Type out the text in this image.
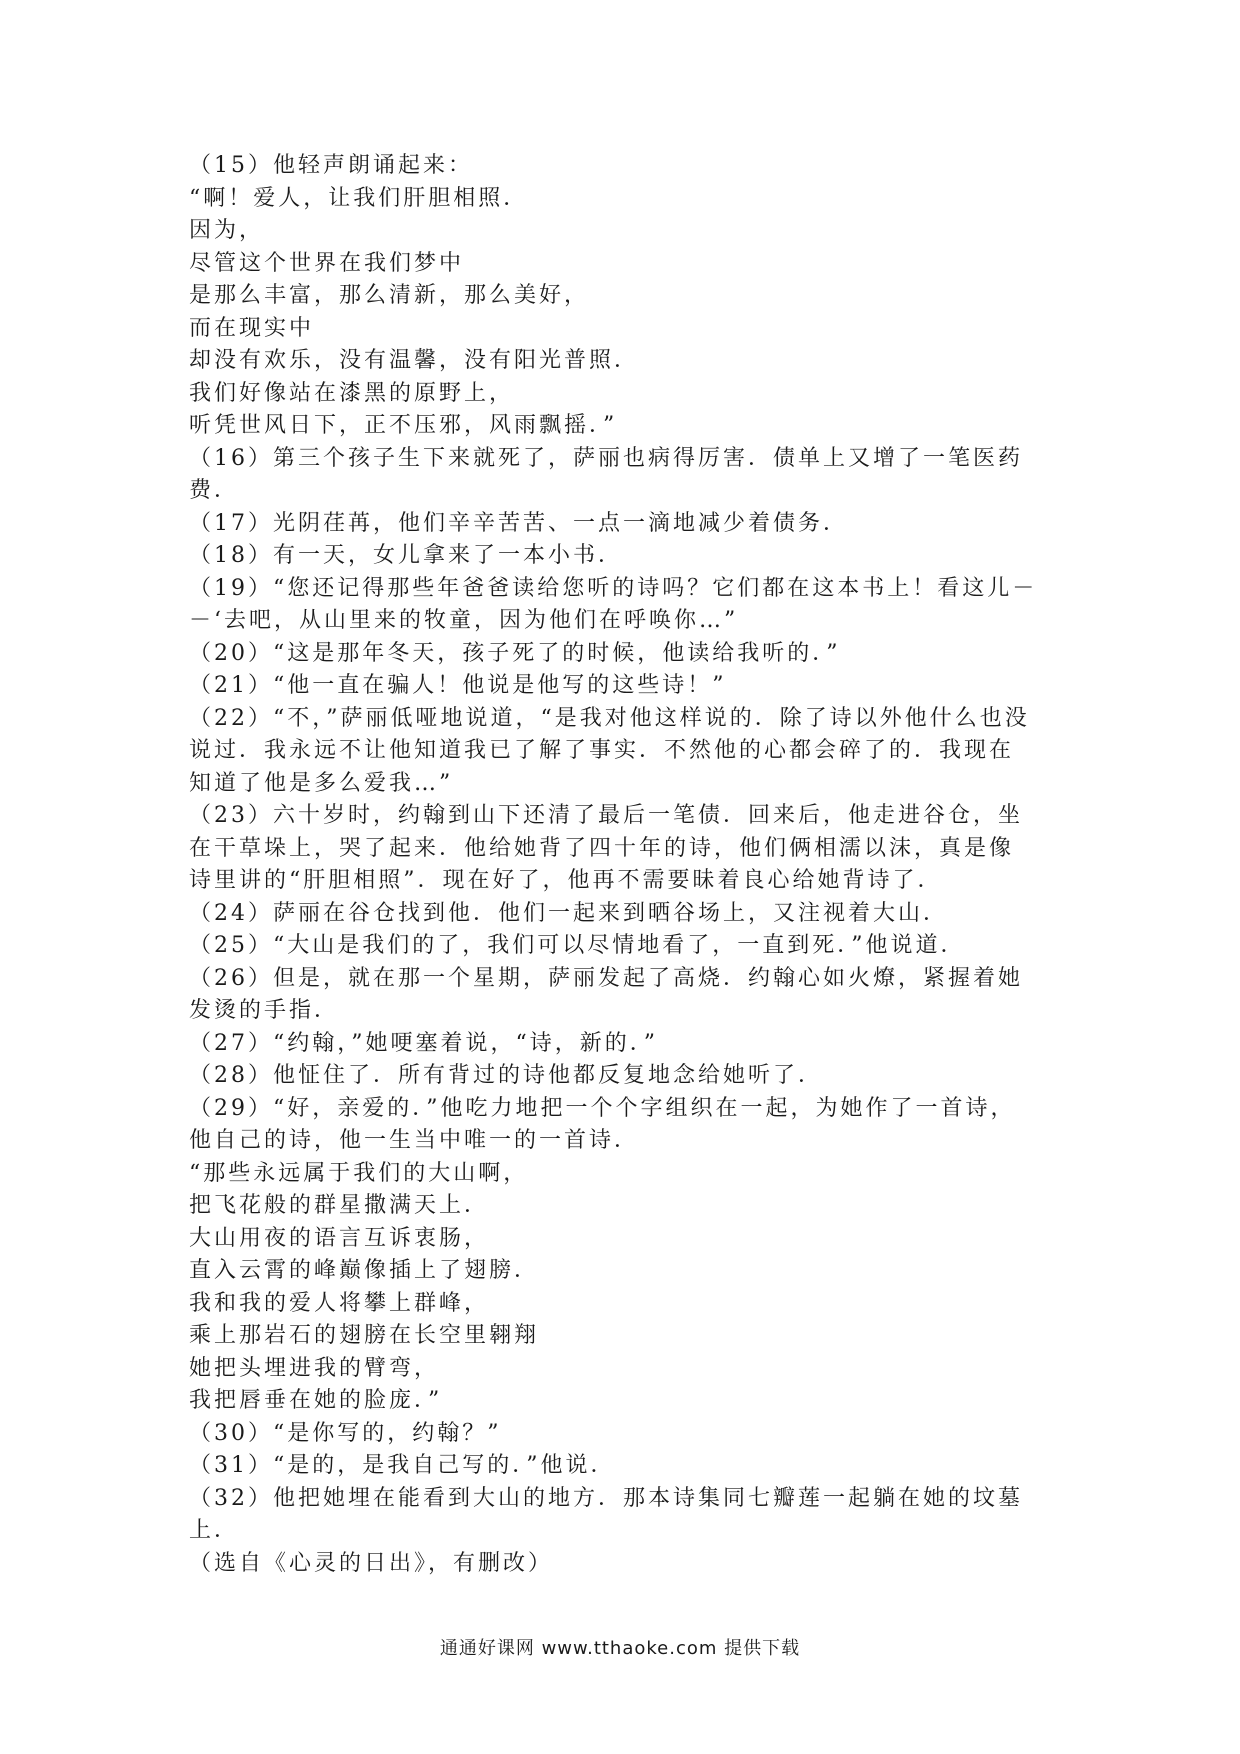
（15）他轻声朗诵起来：
“啊！爱人，让我们肝胆相照．
因为，
尽管这个世界在我们梦中
是那么丰富，那么清新，那么美好，
而在现实中
却没有欢乐，没有温馨，没有阳光普照．
我们好像站在漆黑的原野上，
听凭世风日下，正不压邪，风雨飘摇．”
（16）第三个孩子生下来就死了，萨丽也病得厉害．债单上又增了一笔医药
费．
（17）光阴荏苒，他们辛辛苦苦、一点一滴地减少着债务．
（18）有一天，女儿拿来了一本小书．
（19）“您还记得那些年爸爸读给您听的诗吗？它们都在这本书上！看这儿－
－‘去吧，从山里来的牧童，因为他们在呼唤你…”
（20）“这是那年冬天，孩子死了的时候，他读给我听的．”
（21）“他一直在骗人！他说是他写的这些诗！”
（22）“不，”萨丽低哑地说道，“是我对他这样说的．除了诗以外他什么也没
说过．我永远不让他知道我已了解了事实．不然他的心都会碎了的．我现在
知道了他是多么爱我…”
（23）六十岁时，约翰到山下还清了最后一笔债．回来后，他走进谷仓，坐
在干草垛上，哭了起来．他给她背了四十年的诗，他们俩相濡以沫，真是像
诗里讲的“肝胆相照”．现在好了，他再不需要昧着良心给她背诗了．
（24）萨丽在谷仓找到他．他们一起来到晒谷场上，又注视着大山．
（25）“大山是我们的了，我们可以尽情地看了，一直到死．”他说道．
（26）但是，就在那一个星期，萨丽发起了高烧．约翰心如火燎，紧握着她
发烫的手指．
（27）“约翰，”她哽塞着说，“诗，新的．”
（28）他怔住了．所有背过的诗他都反复地念给她听了．
（29）“好，亲爱的．”他吃力地把一个个字组织在一起，为她作了一首诗，
他自己的诗，他一生当中唯一的一首诗．
“那些永远属于我们的大山啊，
把飞花般的群星撒满天上．
大山用夜的语言互诉衷肠，
直入云霄的峰巅像插上了翅膀．
我和我的爱人将攀上群峰，
乘上那岩石的翅膀在长空里翱翔
她把头埋进我的臂弯，
我把唇垂在她的脸庞．”
（30）“是你写的，约翰？”
（31）“是的，是我自己写的．”他说．
（32）他把她埋在能看到大山的地方．那本诗集同七瓣莲一起躺在她的坟墓
上．
（选自《心灵的日出》，有删改）
通通好课网 www.tthaoke.com 提供下载
